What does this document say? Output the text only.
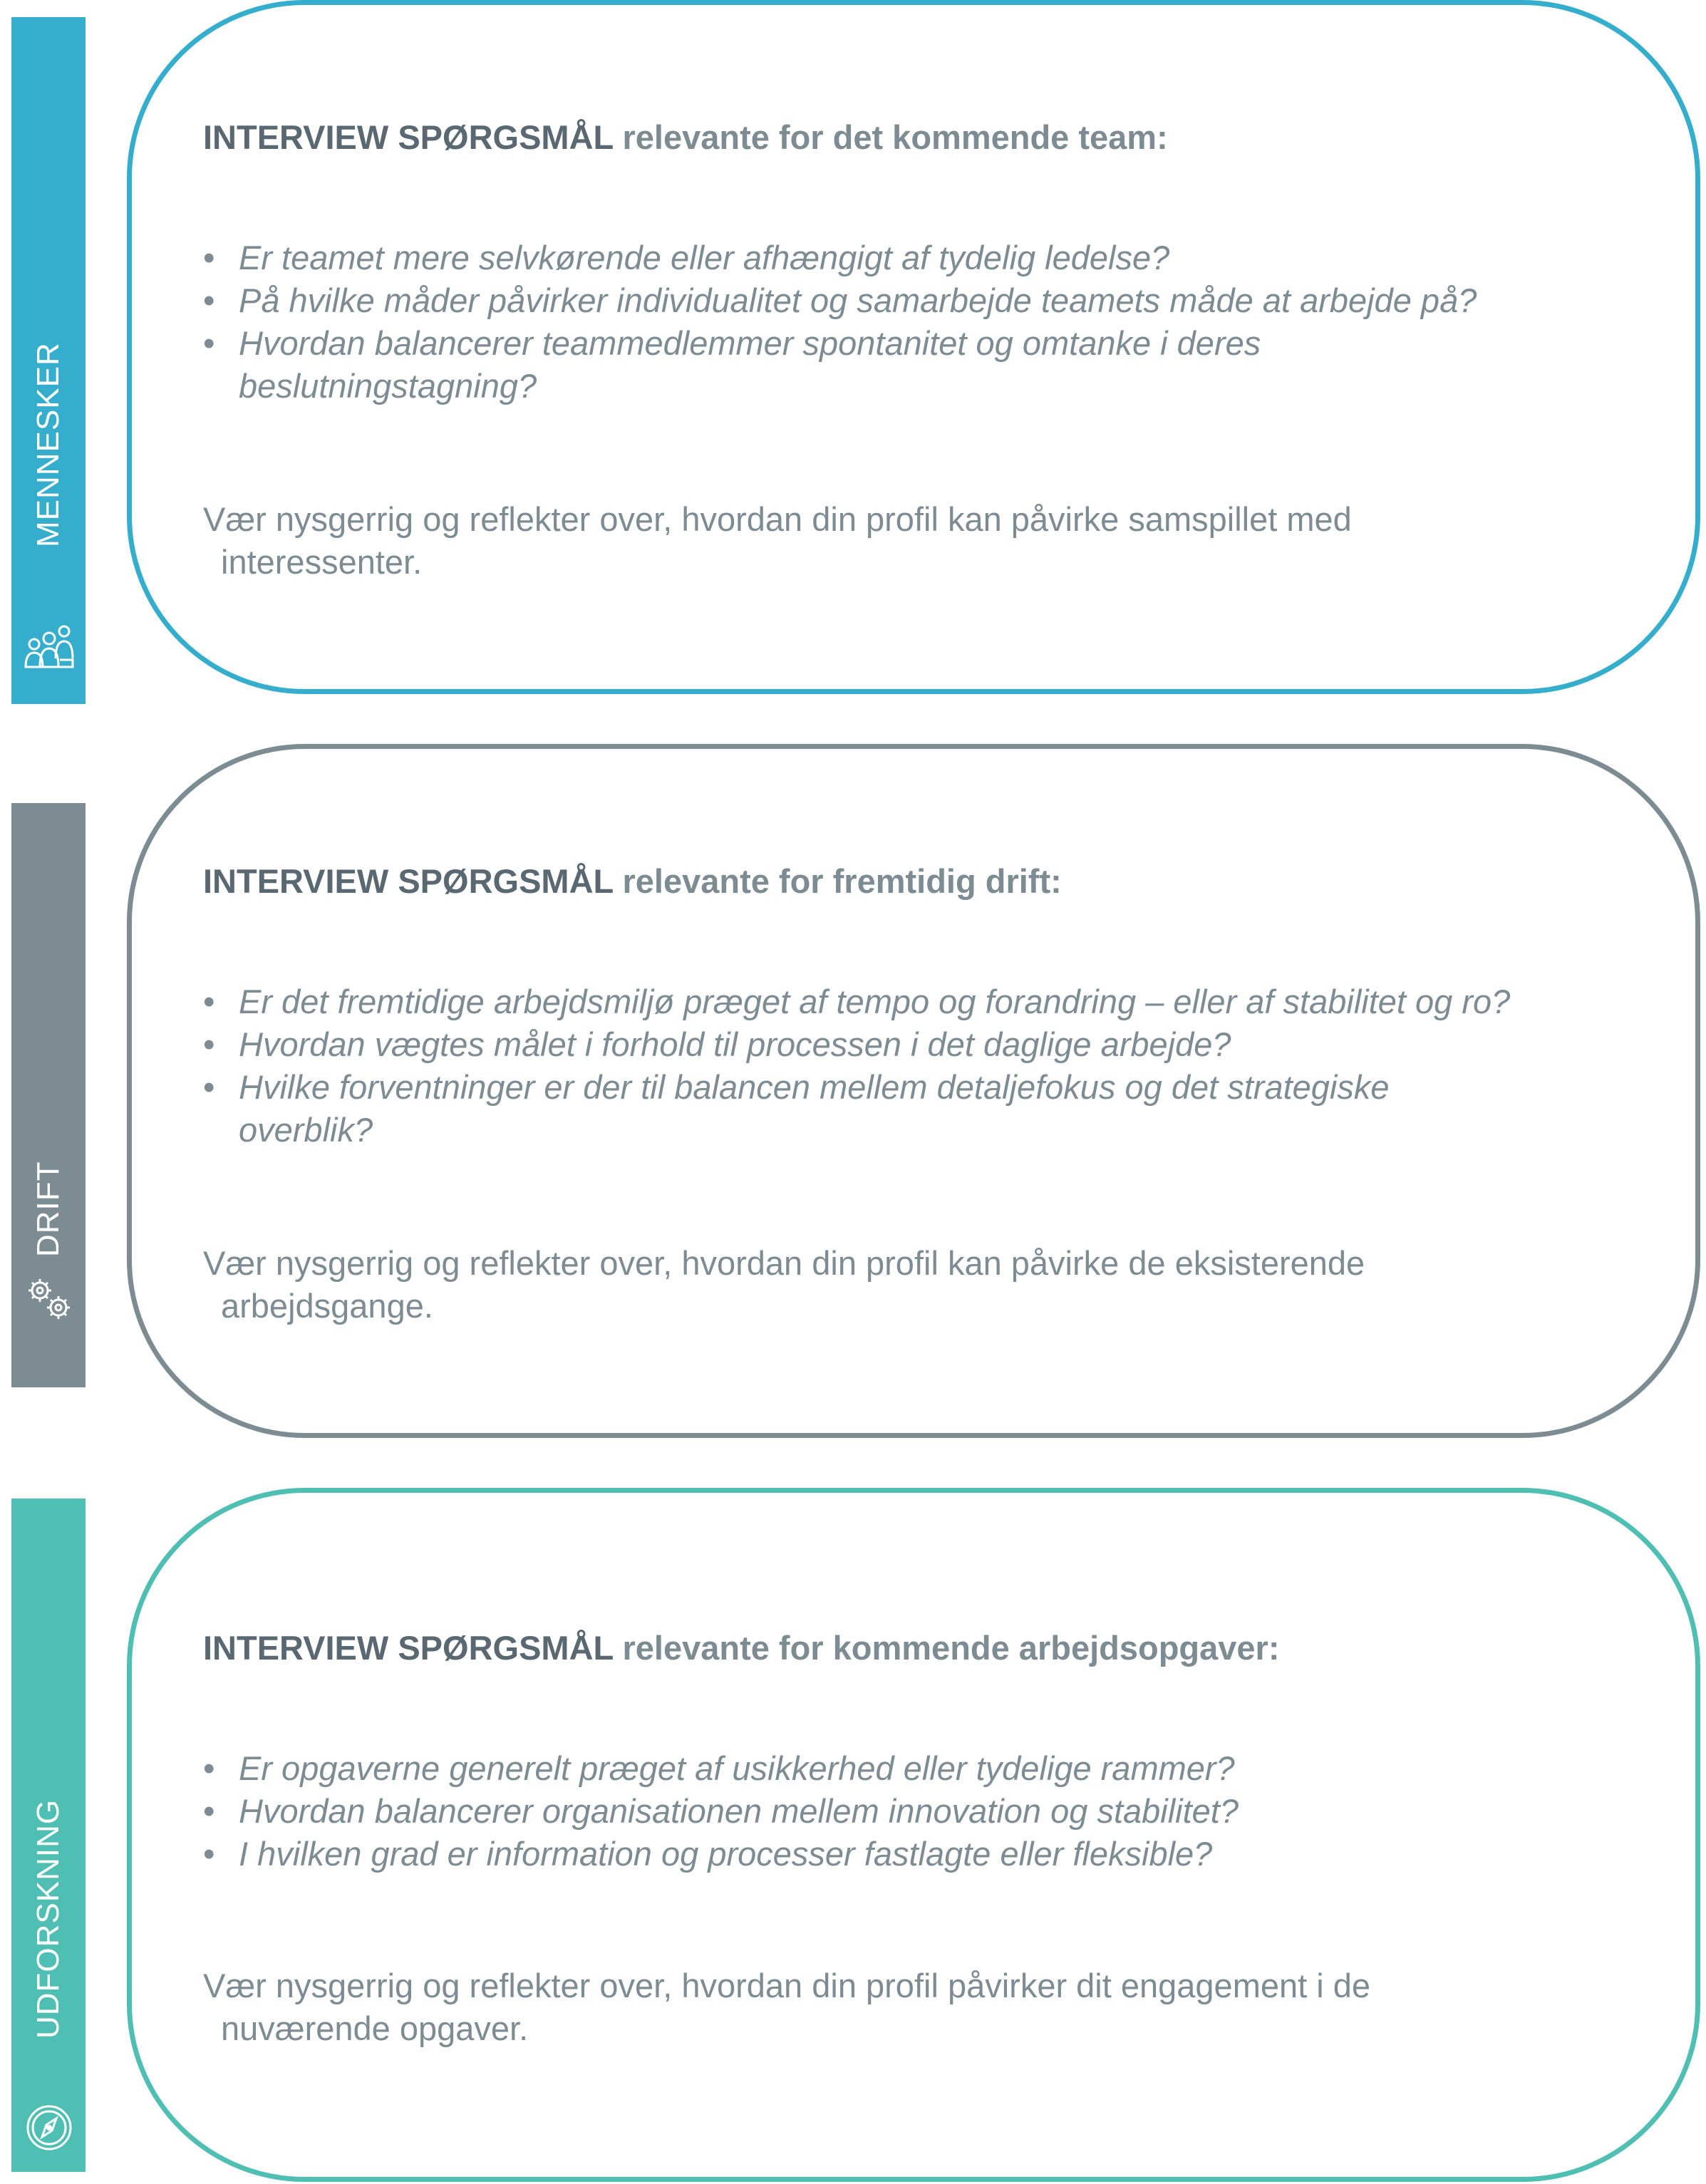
MENNESKER
INTERVIEW SPØRGSMÅL relevante for det kommende team:
• Er teamet mere selvkørende eller afhængigt af tydelig ledelse?
• På hvilke måder påvirker individualitet og samarbejde teamets måde at arbejde på?
• Hvordan balancerer teammedlemmer spontanitet og omtanke i deres
beslutningstagning?
Vær nysgerrig og reflekter over, hvordan din profil kan påvirke samspillet med
interessenter.
DRIFT
INTERVIEW SPØRGSMÅL relevante for fremtidig drift:
• Er det fremtidige arbejdsmiljø præget af tempo og forandring – eller af stabilitet og ro?
• Hvordan vægtes målet i forhold til processen i det daglige arbejde?
• Hvilke forventninger er der til balancen mellem detaljefokus og det strategiske
overblik?
Vær nysgerrig og reflekter over, hvordan din profil kan påvirke de eksisterende
arbejdsgange.
UDFORSKNING
INTERVIEW SPØRGSMÅL relevante for kommende arbejdsopgaver:
• Er opgaverne generelt præget af usikkerhed eller tydelige rammer?
• Hvordan balancerer organisationen mellem innovation og stabilitet?
• I hvilken grad er information og processer fastlagte eller fleksible?
Vær nysgerrig og reflekter over, hvordan din profil påvirker dit engagement i de
nuværende opgaver.
